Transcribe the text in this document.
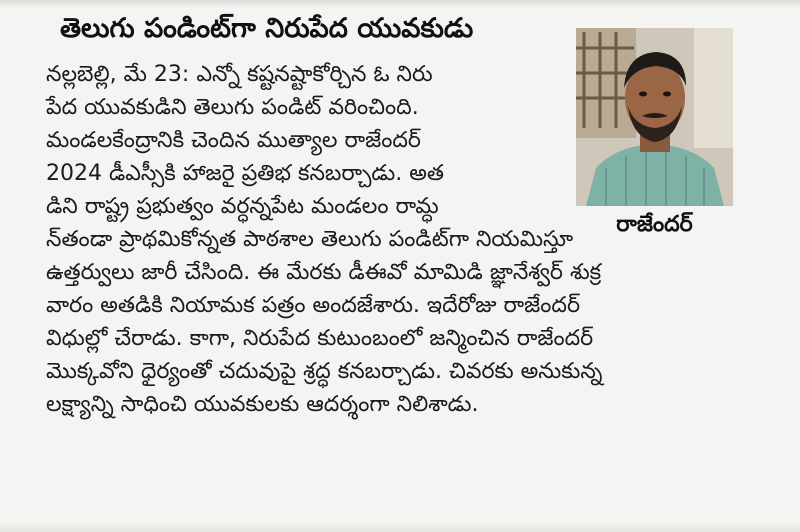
తెలుగు పండింట్‌గా నిరుపేద యువకుడు
నల్లబెల్లి, మే 23: ఎన్నో కష్టనష్టాకోర్చిన ఓ నిరు
పేద యువకుడిని తెలుగు పండిట్ వరించింది.
మండలకేంద్రానికి చెందిన ముత్యాల రాజేందర్
2024 డీఎస్సీకి హాజరై ప్రతిభ కనబర్చాడు. అత
డిని రాష్ట్ర ప్రభుత్వం వర్ధన్నపేట మండలం రామ్ధ
న్‌తండా ప్రాథమికోన్నత పాఠశాల తెలుగు పండిట్‌గా నియమిస్తూ
ఉత్తర్వులు జారీ చేసింది. ఈ మేరకు డీఈవో మామిడి జ్ఞానేశ్వర్ శుక్ర
వారం అతడికి నియామక పత్రం అందజేశారు. ఇదేరోజు రాజేందర్
విధుల్లో చేరాడు. కాగా, నిరుపేద కుటుంబంలో జన్మించిన రాజేందర్
మొక్కవోని ధైర్యంతో చదువుపై శ్రద్ధ కనబర్చాడు. చివరకు అనుకున్న
లక్ష్యాన్ని సాధించి యువకులకు ఆదర్శంగా నిలిశాడు.
రాజేందర్
